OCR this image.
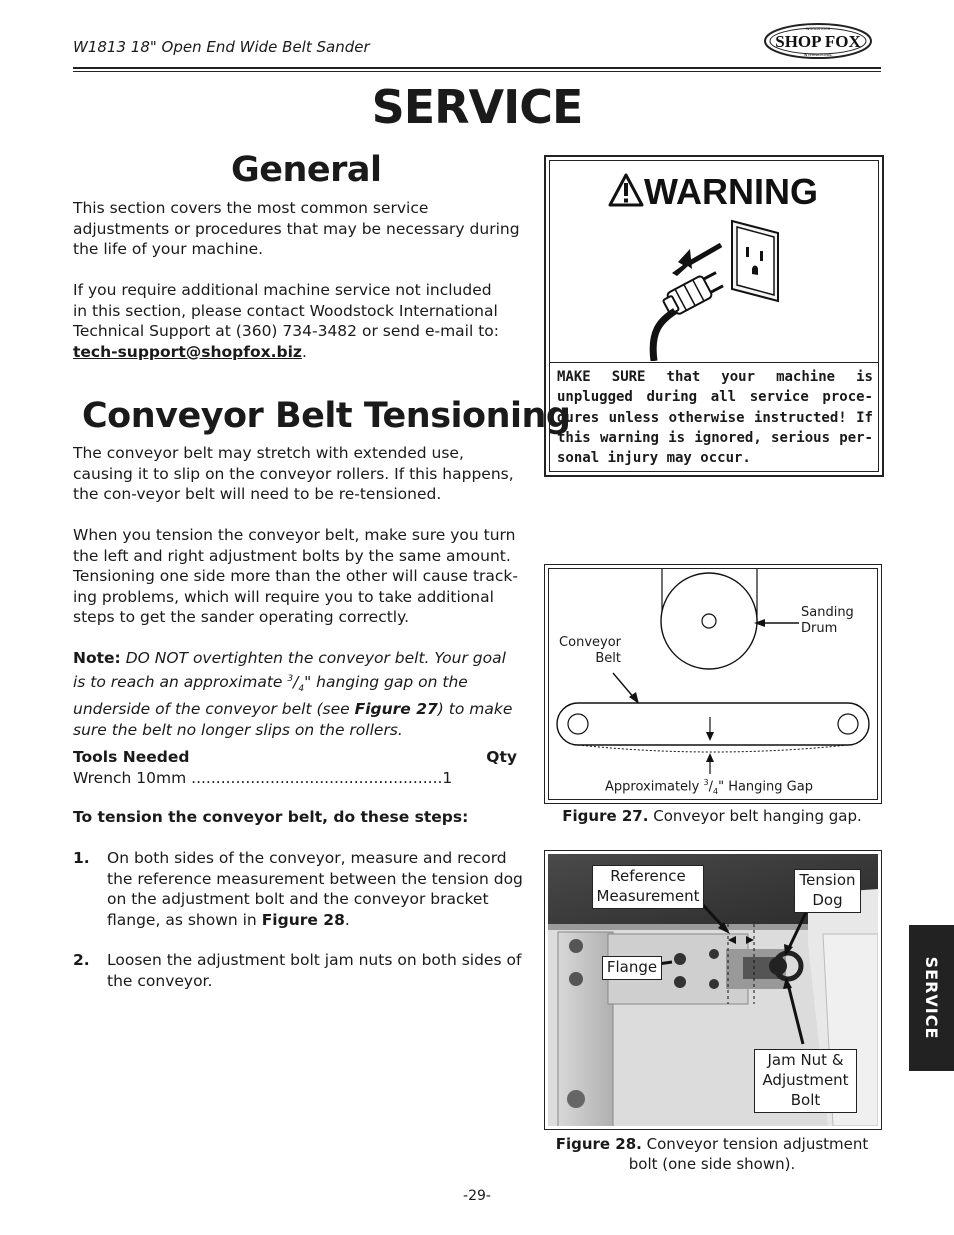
W1813 18" Open End Wide Belt Sander	SHOP FOX
WOODSTOCK
INTERNATIONAL
SERVICE
General

This section covers the most common service adjustments or procedures that may be necessary during the life of your machine.

If you require additional machine service not included

in this section, please contact Woodstock International

Technical Support at (360) 734-3482 or send e-mail to:

tech-support@shopfox.biz.

Conveyor Belt Tensioning

The conveyor belt may stretch with extended use, causing it to slip on the conveyor rollers. If this happens, the con-veyor belt will need to be re-tensioned.

When you tension the conveyor belt, make sure you turn the left and right adjustment bolts by the same amount. Tensioning one side more than the other will cause track-ing problems, which will require you to take additional steps to get the sander operating correctly.

Note: DO NOT overtighten the conveyor belt. Your goal is to reach an approximate $^3/_4$" hanging gap on the underside of the conveyor belt (see Figure 27) to make sure the belt no longer slips on the rollers.

Tools Needed	Qty
Wrench 10mm ...................................................1
To tension the conveyor belt, do these steps:
1. On both sides of the conveyor, measure and record the reference measurement between the tension dog on the adjustment bolt and the conveyor bracket flange, as shown in Figure 28.
2. Loosen the adjustment bolt jam nuts on both sides of the conveyor.
WARNING
MAKE SURE that your machine is unplugged during all service proce-dures unless otherwise instructed! If this warning is ignored, serious per-sonal injury may occur.
Sanding
Drum
Conveyor
Belt
Approximately $^3/_4$" Hanging Gap
Figure 27. Conveyor belt hanging gap.
Reference
Measurement
Tension
Dog
Flange
Jam Nut &
Adjustment
Bolt
Figure 28. Conveyor tension adjustment
bolt (one side shown).
SERVICE
-29-
